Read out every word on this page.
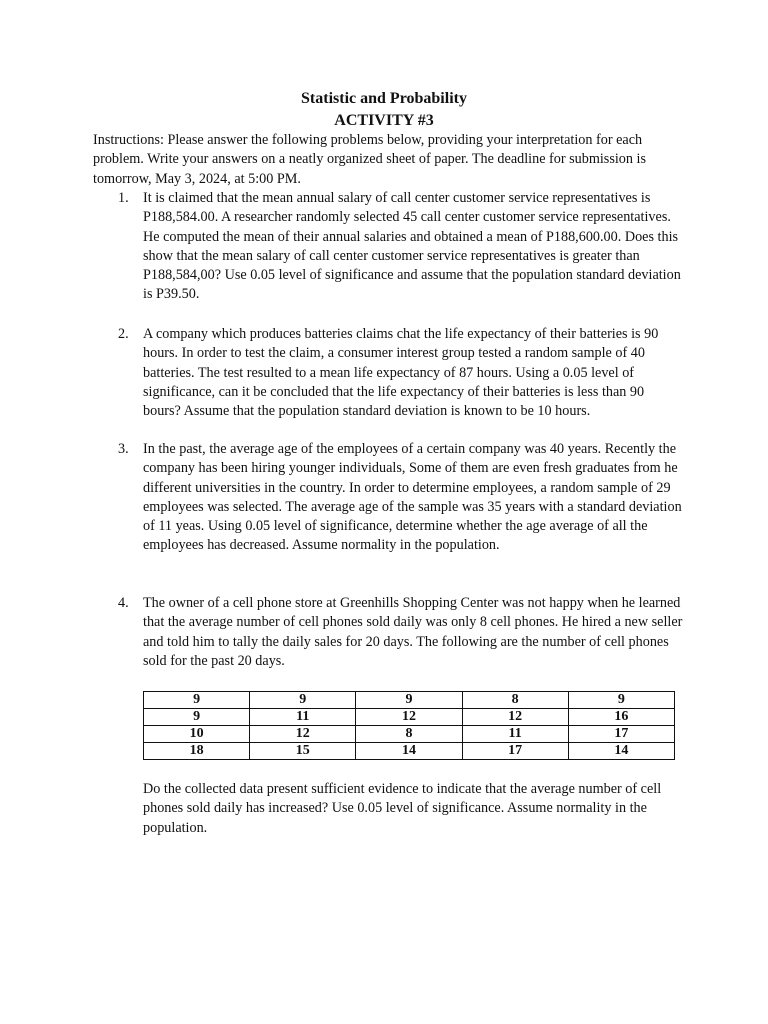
Statistic and Probability
ACTIVITY #3

Instructions: Please answer the following problems below, providing your interpretation for each problem. Write your answers on a neatly organized sheet of paper. The deadline for submission is tomorrow, May 3, 2024, at 5:00 PM.

1. It is claimed that the mean annual salary of call center customer service representatives is P188,584.00. A researcher randomly selected 45 call center customer service representatives. He computed the mean of their annual salaries and obtained a mean of P188,600.00. Does this show that the mean salary of call center customer service representatives is greater than P188,584,00? Use 0.05 level of significance and assume that the population standard deviation is P39.50.

2. A company which produces batteries claims chat the life expectancy of their batteries is 90 hours. In order to test the claim, a consumer interest group tested a random sample of 40 batteries. The test resulted to a mean life expectancy of 87 hours. Using a 0.05 level of significance, can it be concluded that the life expectancy of their batteries is less than 90 bours? Assume that the population standard deviation is known to be 10 hours.

3. In the past, the average age of the employees of a certain company was 40 years. Recently the company has been hiring younger individuals, Some of them are even fresh graduates from he different universities in the country. In order to determine employees, a random sample of 29 employees was selected. The average age of the sample was 35 years with a standard deviation of 11 yeas. Using 0.05 level of significance, determine whether the age average of all the employees has decreased. Assume normality in the population.

4. The owner of a cell phone store at Greenhills Shopping Center was not happy when he learned that the average number of cell phones sold daily was only 8 cell phones. He hired a new seller and told him to tally the daily sales for 20 days. The following are the number of cell phones sold for the past 20 days.

9	9	9	8	9
9	11	12	12	16
10	12	8	11	17
18	15	14	17	14

Do the collected data present sufficient evidence to indicate that the average number of cell phones sold daily has increased? Use 0.05 level of significance. Assume normality in the population.
